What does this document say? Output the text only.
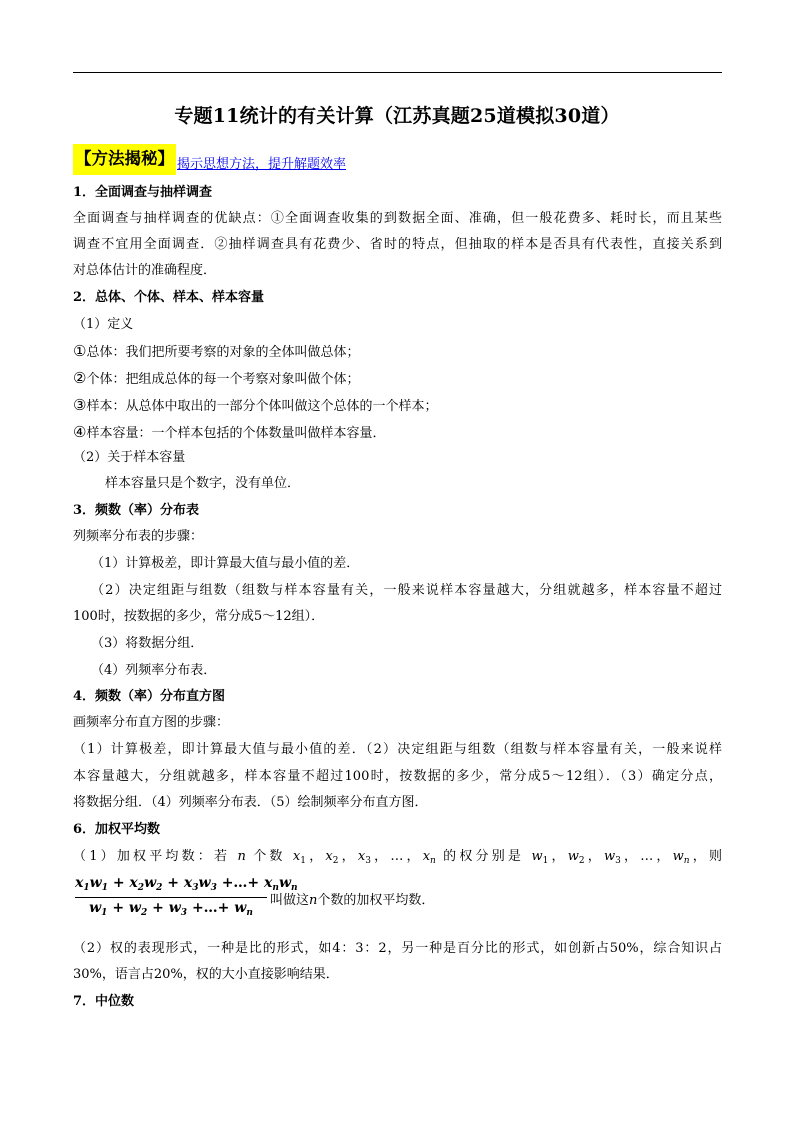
专题11统计的有关计算（江苏真题25道模拟30道）
【方法揭秘】 揭示思想方法，提升解题效率
1．全面调查与抽样调查
全面调查与抽样调查的优缺点：①全面调查收集的到数据全面、准确，但一般花费多、耗时长，而且某些
调查不宜用全面调查．②抽样调查具有花费少、省时的特点，但抽取的样本是否具有代表性，直接关系到
对总体估计的准确程度．
2．总体、个体、样本、样本容量
（1）定义
①总体：我们把所要考察的对象的全体叫做总体；
②个体：把组成总体的每一个考察对象叫做个体；
③样本：从总体中取出的一部分个体叫做这个总体的一个样本；
④样本容量：一个样本包括的个体数量叫做样本容量．
（2）关于样本容量
样本容量只是个数字，没有单位．
3．频数（率）分布表
列频率分布表的步骤：
（1）计算极差，即计算最大值与最小值的差．
（2）决定组距与组数（组数与样本容量有关，一般来说样本容量越大，分组就越多，样本容量不超过
100时，按数据的多少，常分成5～12组）．
（3）将数据分组．
（4）列频率分布表．
4．频数（率）分布直方图
画频率分布直方图的步骤：
（1）计算极差，即计算最大值与最小值的差．（2）决定组距与组数（组数与样本容量有关，一般来说样
本容量越大，分组就越多，样本容量不超过100时，按数据的多少，常分成5～12组）．（3）确定分点，
将数据分组．（4）列频率分布表．（5）绘制频率分布直方图．
6．加权平均数
（1）加权平均数：若 n 个数 $x_1$，$x_2$，$x_3$，…，$x_n$ 的权分别是 $w_1$，$w_2$，$w_3$，…，$w_n$，则
$x_1w_1 + x_2w_2 + x_3w_3$ +…+ $x_nw_n$
$w_1 + w_2 + w_3$ +…+ $w_n$
叫做这n个数的加权平均数．
（2）权的表现形式，一种是比的形式，如4：3：2，另一种是百分比的形式，如创新占50%，综合知识占
30%，语言占20%，权的大小直接影响结果．
7．中位数
